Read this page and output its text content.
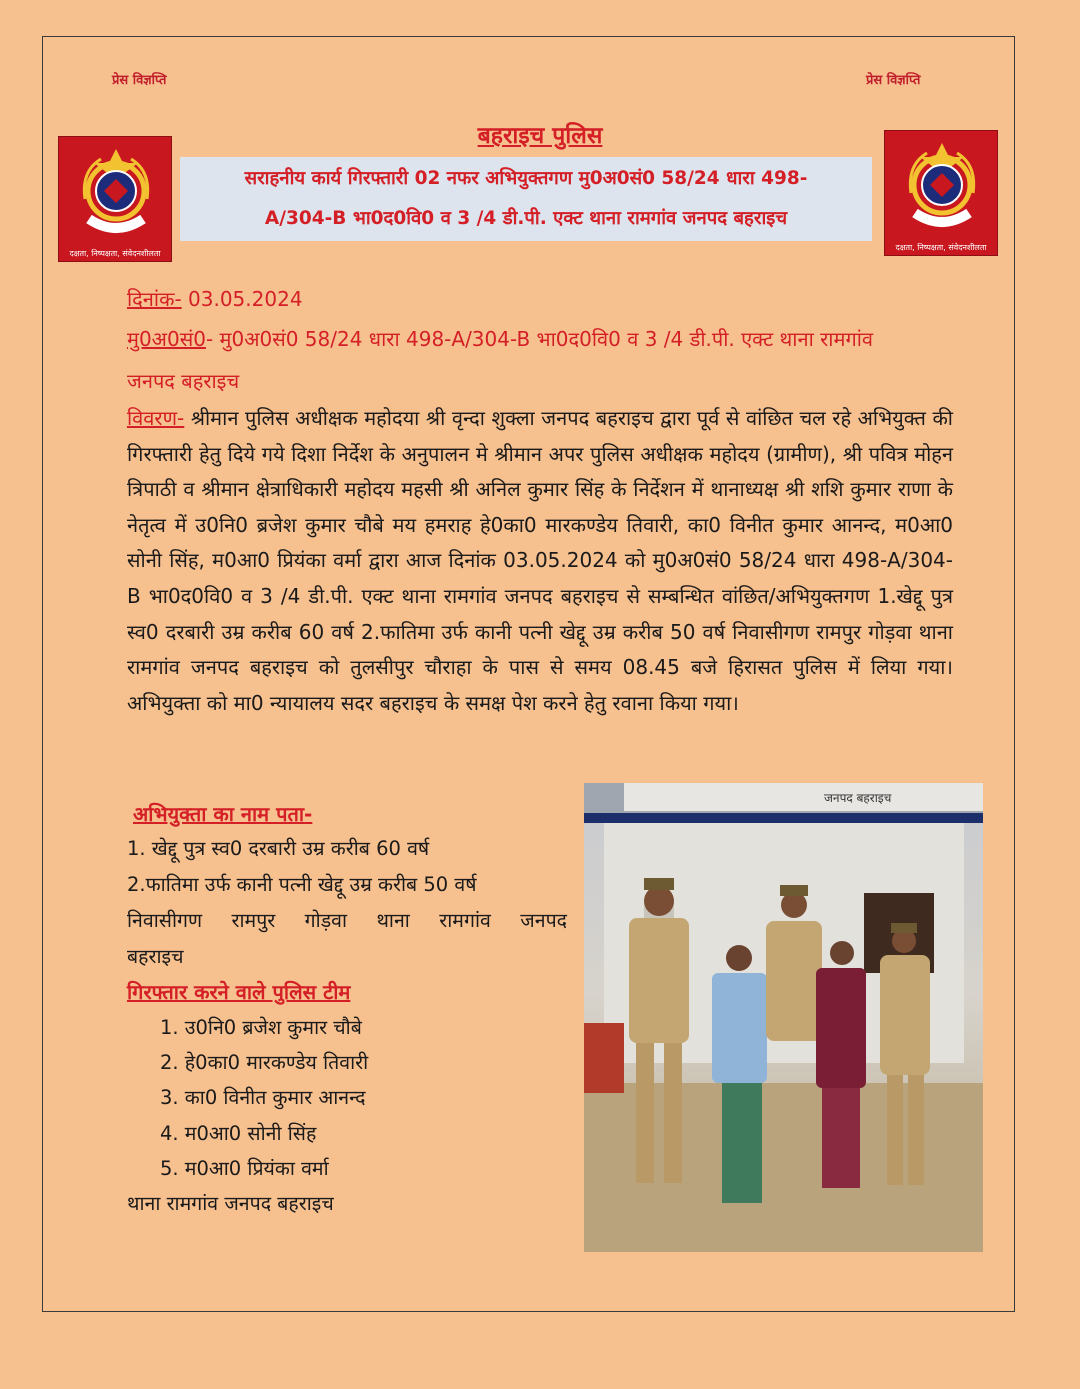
प्रेस विज्ञप्ति	प्रेस विज्ञप्ति
दक्षता, निष्पक्षता, संवेदनशीलता
दक्षता, निष्पक्षता, संवेदनशीलता
बहराइच पुलिस
सराहनीय कार्य गिरफ्तारी 02 नफर अभियुक्तगण मु0अ0सं0 58/24 धारा 498-
A/304-B भा0द0वि0 व 3 /4 डी.पी. एक्ट थाना रामगांव जनपद बहराइच
दिनांक- 03.05.2024
मु0अ0सं0- मु0अ0सं0 58/24 धारा 498-A/304-B भा0द0वि0 व 3 /4 डी.पी. एक्ट थाना रामगांव
जनपद बहराइच
विवरण- श्रीमान पुलिस अधीक्षक महोदया श्री वृन्दा शुक्ला जनपद बहराइच द्वारा पूर्व से वांछित चल रहे अभियुक्त की गिरफ्तारी हेतु दिये गये दिशा निर्देश के अनुपालन मे श्रीमान अपर पुलिस अधीक्षक महोदय (ग्रामीण), श्री पवित्र मोहन त्रिपाठी व श्रीमान क्षेत्राधिकारी महोदय महसी श्री अनिल कुमार सिंह के निर्देशन में थानाध्यक्ष श्री शशि कुमार राणा के नेतृत्व में उ0नि0 ब्रजेश कुमार चौबे मय हमराह हे0का0 मारकण्डेय तिवारी, का0 विनीत कुमार आनन्द, म0आ0 सोनी सिंह, म0आ0 प्रियंका वर्मा द्वारा आज दिनांक 03.05.2024 को मु0अ0सं0 58/24 धारा 498-A/304-B भा0द0वि0 व 3 /4 डी.पी. एक्ट थाना रामगांव जनपद बहराइच से सम्बन्धित वांछित/अभियुक्तगण 1.खेद्दू पुत्र स्व0 दरबारी उम्र करीब 60 वर्ष 2.फातिमा उर्फ कानी पत्नी खेद्दू उम्र करीब 50 वर्ष निवासीगण रामपुर गोड़वा थाना रामगांव जनपद बहराइच को तुलसीपुर चौराहा के पास से समय 08.45 बजे हिरासत पुलिस में लिया गया। अभियुक्ता को मा0 न्यायालय सदर बहराइच के समक्ष पेश करने हेतु रवाना किया गया।
अभियुक्ता का नाम पता-
1. खेद्दू पुत्र स्व0 दरबारी उम्र करीब 60 वर्ष
2.फातिमा उर्फ कानी पत्नी खेद्दू उम्र करीब 50 वर्ष
निवासीगण रामपुर गोड़वा थाना रामगांव जनपद
बहराइच
गिरफ्तार करने वाले पुलिस टीम
1. उ0नि0 ब्रजेश कुमार चौबे
2. हे0का0 मारकण्डेय तिवारी
3. का0 विनीत कुमार आनन्द
4. म0आ0 सोनी सिंह
5. म0आ0 प्रियंका वर्मा
थाना रामगांव जनपद बहराइच
जनपद बहराइच
